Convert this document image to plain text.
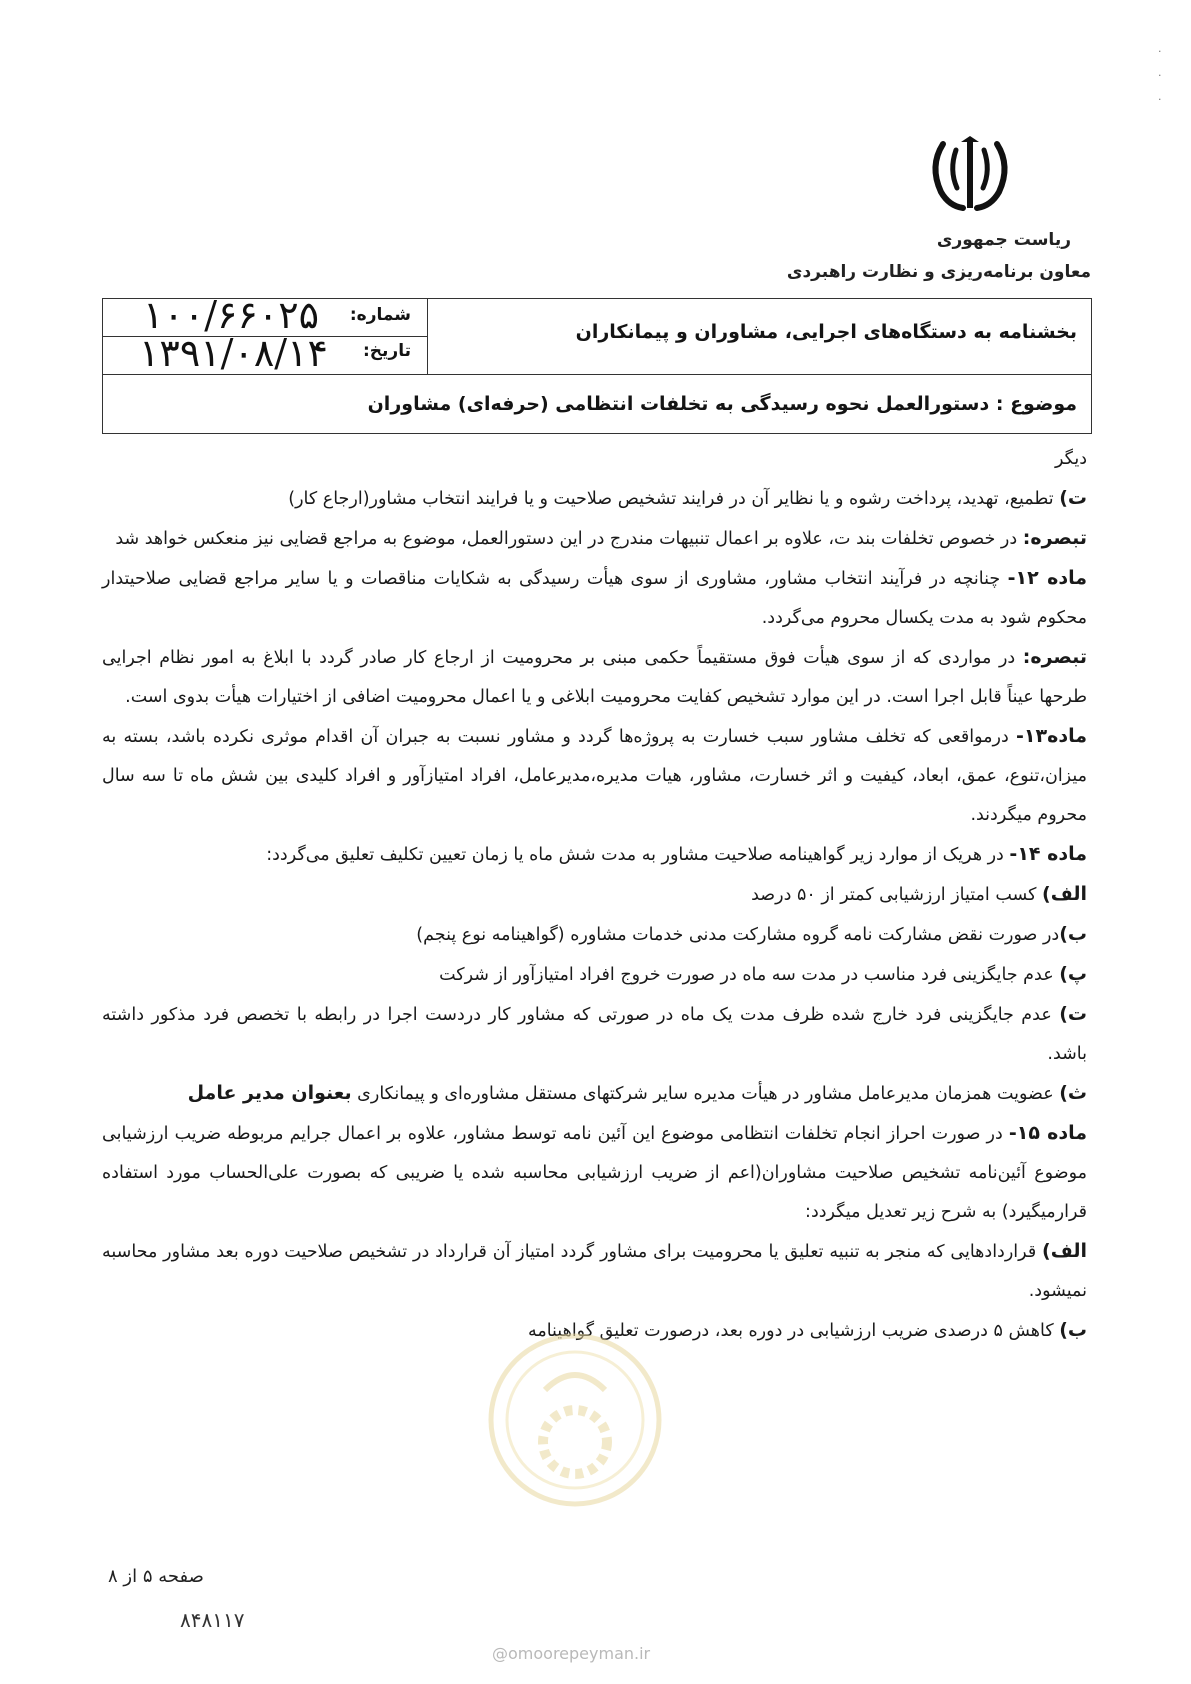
ریاست جمهوری
معاون برنامه‌ریزی و نظارت راهبردی
·
·
·
بخشنامه به دستگاه‌های اجرایی، مشاوران و پیمانکاران
شماره:
۱۰۰/۶۶۰۲۵
تاریخ:
۱۳۹۱/۰۸/۱۴
موضوع : دستورالعمل نحوه رسیدگی به تخلفات انتظامی (حرفه‌ای) مشاوران

دیگر

ت) تطمیع، تهدید، پرداخت رشوه و یا نظایر آن در فرایند تشخیص صلاحیت و یا فرایند انتخاب مشاور(ارجاع کار)

تبصره: در خصوص تخلفات بند ت، علاوه بر اعمال تنبیهات مندرج در این دستورالعمل، موضوع به مراجع قضایی نیز منعکس خواهد شد

ماده ۱۲- چنانچه در فرآیند انتخاب مشاور، مشاوری از سوی هیأت رسیدگی به شکایات مناقصات و یا سایر مراجع قضایی صلاحیتدار محکوم شود به مدت یکسال محروم می‌گردد.

تبصره: در مواردی که از سوی هیأت فوق مستقیماً حکمی مبنی بر محرومیت از ارجاع کار صادر گردد با ابلاغ به امور نظام اجرایی طرحها عیناً قابل اجرا است. در این موارد تشخیص کفایت محرومیت ابلاغی و یا اعمال محرومیت اضافی از اختیارات هیأت بدوی است.

ماده۱۳- درمواقعی که تخلف مشاور سبب خسارت به پروژه‌ها گردد و مشاور نسبت به جبران آن اقدام موثری نکرده باشد، بسته به میزان،تنوع، عمق، ابعاد، کیفیت و اثر خسارت، مشاور، هیات مدیره،مدیرعامل، افراد امتیازآور و افراد کلیدی بین شش ماه تا سه سال محروم میگردند.

ماده ۱۴- در هریک از موارد زیر گواهینامه صلاحیت مشاور به مدت شش ماه یا زمان تعیین تکلیف تعلیق می‌گردد:

الف) کسب امتیاز ارزشیابی کمتر از ۵۰ درصد

ب)در صورت نقض مشارکت نامه گروه مشارکت مدنی خدمات مشاوره (گواهینامه نوع پنجم)

پ) عدم جایگزینی فرد مناسب در مدت سه ماه در صورت خروج افراد امتیازآور از شرکت

ت) عدم جایگزینی فرد خارج شده ظرف مدت یک ماه در صورتی که مشاور کار دردست اجرا در رابطه با تخصص فرد مذکور داشته باشد.

ث) عضویت همزمان مدیرعامل مشاور در هیأت مدیره سایر شرکتهای مستقل مشاوره‌ای و پیمانکاری بعنوان مدیر عامل

ماده ۱۵- در صورت احراز انجام تخلفات انتظامی موضوع این آئین نامه توسط مشاور، علاوه بر اعمال جرایم مربوطه ضریب ارزشیابی موضوع آئین‌نامه تشخیص صلاحیت مشاوران(اعم از ضریب ارزشیابی محاسبه شده یا ضریبی که بصورت علی‌الحساب مورد استفاده قرارمیگیرد) به شرح زیر تعدیل میگردد:

الف) قراردادهایی که منجر به تنبیه تعلیق یا محرومیت برای مشاور گردد امتیاز آن قرارداد در تشخیص صلاحیت دوره بعد مشاور محاسبه نمیشود.

ب) کاهش ۵ درصدی ضریب ارزشیابی در دوره بعد، درصورت تعلیق گواهینامه

@omoorepeyman.ir
صفحه ۵ از ۸
۸۴۸۱۱۷
